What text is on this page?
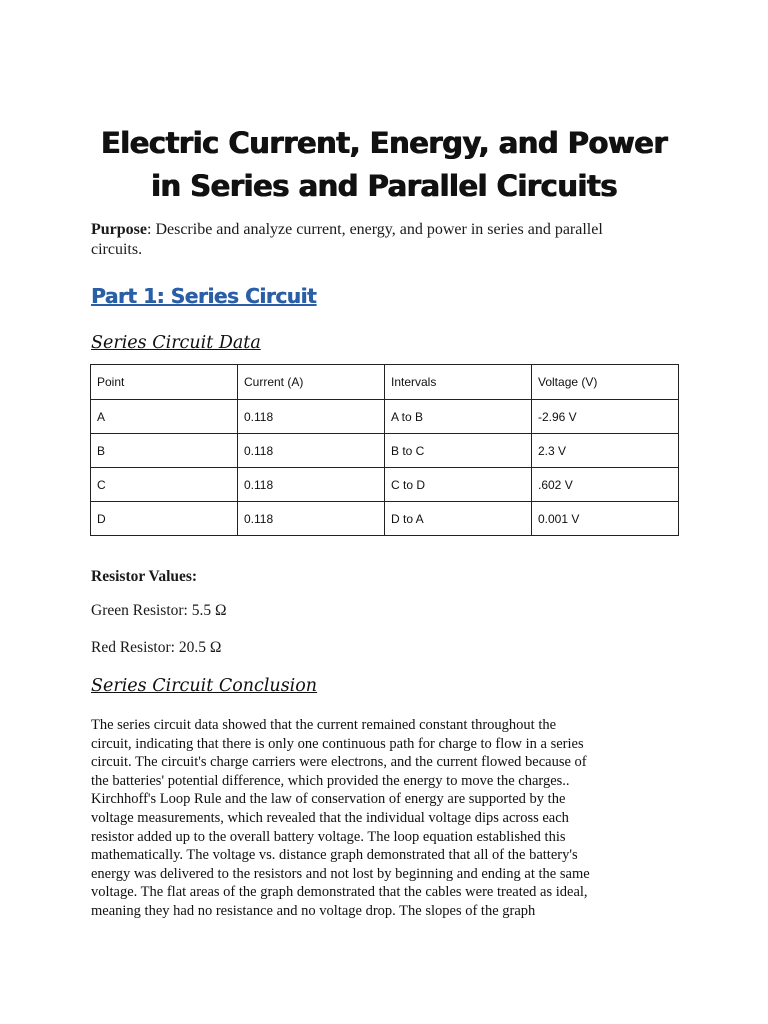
Electric Current, Energy, and Power
in Series and Parallel Circuits
Purpose: Describe and analyze current, energy, and power in series and parallel
circuits.
Part 1: Series Circuit
Series Circuit Data
Point	Current (A)	Intervals	Voltage (V)
A	0.118	A to B	-2.96 V
B	0.118	B to C	2.3 V
C	0.118	C to D	.602 V
D	0.118	D to A	0.001 V
Resistor Values:
Green Resistor: 5.5 Ω
Red Resistor: 20.5 Ω
Series Circuit Conclusion
The series circuit data showed that the current remained constant throughout the
circuit, indicating that there is only one continuous path for charge to flow in a series
circuit. The circuit's charge carriers were electrons, and the current flowed because of
the batteries' potential difference, which provided the energy to move the charges..
Kirchhoff's Loop Rule and the law of conservation of energy are supported by the
voltage measurements, which revealed that the individual voltage dips across each
resistor added up to the overall battery voltage. The loop equation established this
mathematically. The voltage vs. distance graph demonstrated that all of the battery's
energy was delivered to the resistors and not lost by beginning and ending at the same
voltage. The flat areas of the graph demonstrated that the cables were treated as ideal,
meaning they had no resistance and no voltage drop. The slopes of the graph
